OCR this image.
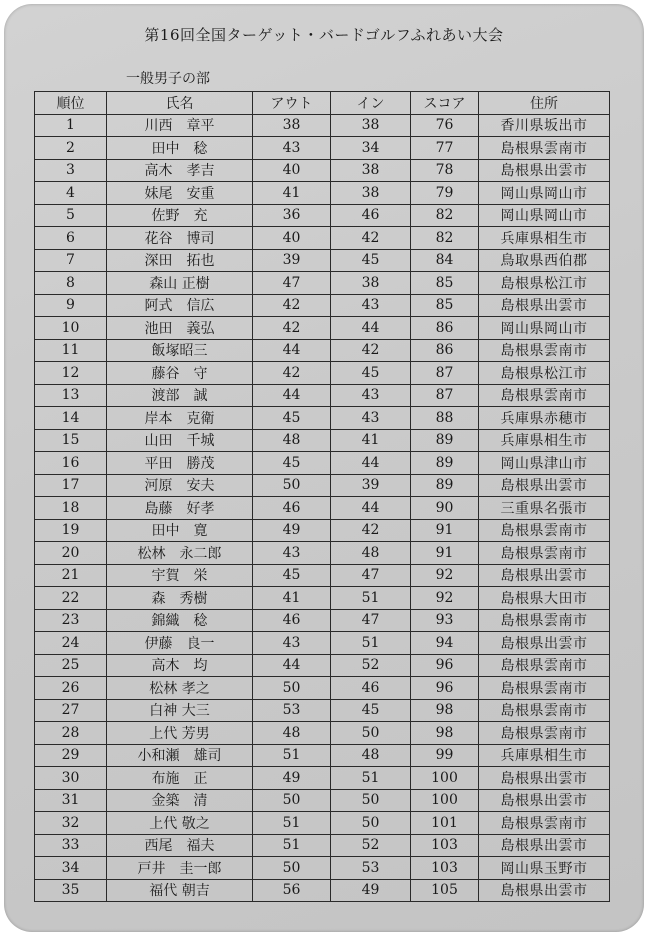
第16回全国ターゲット・バードゴルフふれあい大会
一般男子の部
順位	氏名	アウト	イン	スコア	住所
1	川西　章平	38	38	76	香川県坂出市
2	田中　稔	43	34	77	島根県雲南市
3	高木　孝吉	40	38	78	島根県出雲市
4	妹尾　安重	41	38	79	岡山県岡山市
5	佐野　充	36	46	82	岡山県岡山市
6	花谷　博司	40	42	82	兵庫県相生市
7	深田　拓也	39	45	84	鳥取県西伯郡
8	森山 正樹	47	38	85	島根県松江市
9	阿式　信広	42	43	85	島根県出雲市
10	池田　義弘	42	44	86	岡山県岡山市
11	飯塚昭三	44	42	86	島根県雲南市
12	藤谷　守	42	45	87	島根県松江市
13	渡部　誠	44	43	87	島根県雲南市
14	岸本　克衛	45	43	88	兵庫県赤穂市
15	山田　千城	48	41	89	兵庫県相生市
16	平田　勝茂	45	44	89	岡山県津山市
17	河原　安夫	50	39	89	島根県出雲市
18	島藤　好孝	46	44	90	三重県名張市
19	田中　寛	49	42	91	島根県雲南市
20	松林　永二郎	43	48	91	島根県雲南市
21	宇賀　栄	45	47	92	島根県出雲市
22	森　秀樹	41	51	92	島根県大田市
23	錦織　稔	46	47	93	島根県雲南市
24	伊藤　良一	43	51	94	島根県出雲市
25	高木　均	44	52	96	島根県雲南市
26	松林 孝之	50	46	96	島根県雲南市
27	白神 大三	53	45	98	島根県雲南市
28	上代 芳男	48	50	98	島根県雲南市
29	小和瀬　雄司	51	48	99	兵庫県相生市
30	布施　正	49	51	100	島根県出雲市
31	金築　清	50	50	100	島根県出雲市
32	上代 敬之	51	50	101	島根県雲南市
33	西尾　福夫	51	52	103	島根県出雲市
34	戸井　圭一郎	50	53	103	岡山県玉野市
35	福代 朝吉	56	49	105	島根県出雲市
